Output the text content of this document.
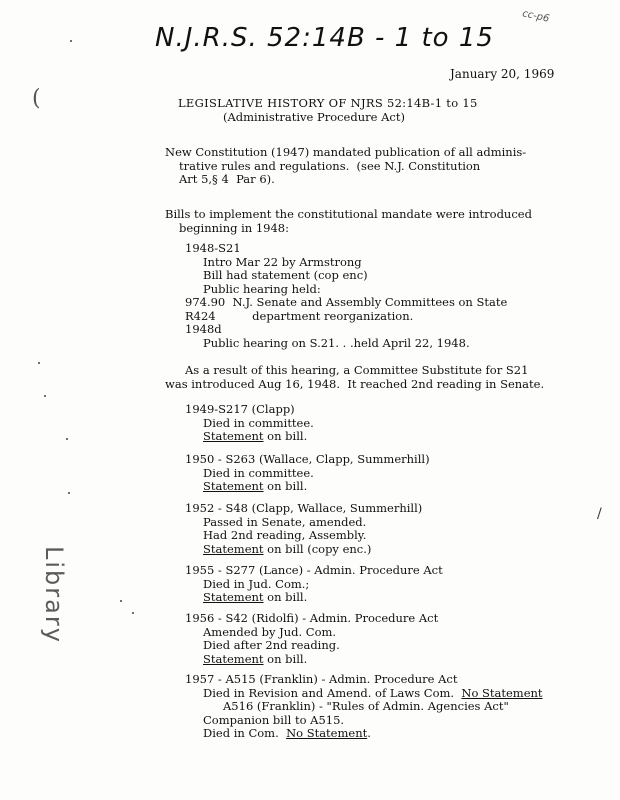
cc-p6
N.J.R.S. 52:14B - 1 to 15
January 20, 1969
(
/
LEGISLATIVE HISTORY OF NJRS 52:14B-1 to 15
(Administrative Procedure Act)
New Constitution (1947) mandated publication of all adminis-
trative rules and regulations.  (see N.J. Constitution
Art 5,§ 4  Par 6).
Bills to implement the constitutional mandate were introduced
beginning in 1948:
1948-S21
Intro Mar 22 by Armstrong
Bill had statement (cop enc)
Public hearing held:
974.90  N.J. Senate and Assembly Committees on State
R424          department reorganization.
1948d
Public hearing on S.21. . .held April 22, 1948.
As a result of this hearing, a Committee Substitute for S21
was introduced Aug 16, 1948.  It reached 2nd reading in Senate.
1949-S217 (Clapp)
Died in committee.
Statement on bill.
1950 - S263 (Wallace, Clapp, Summerhill)
Died in committee.
Statement on bill.
1952 - S48 (Clapp, Wallace, Summerhill)
Passed in Senate, amended.
Had 2nd reading, Assembly.
Statement on bill (copy enc.)
1955 - S277 (Lance) - Admin. Procedure Act
Died in Jud. Com.;
Statement on bill.
1956 - S42 (Ridolfi) - Admin. Procedure Act
Amended by Jud. Com.
Died after 2nd reading.
Statement on bill.
1957 - A515 (Franklin) - Admin. Procedure Act
Died in Revision and Amend. of Laws Com.  No Statement
A516 (Franklin) - "Rules of Admin. Agencies Act"
Companion bill to A515.
Died in Com.  No Statement.
Library
